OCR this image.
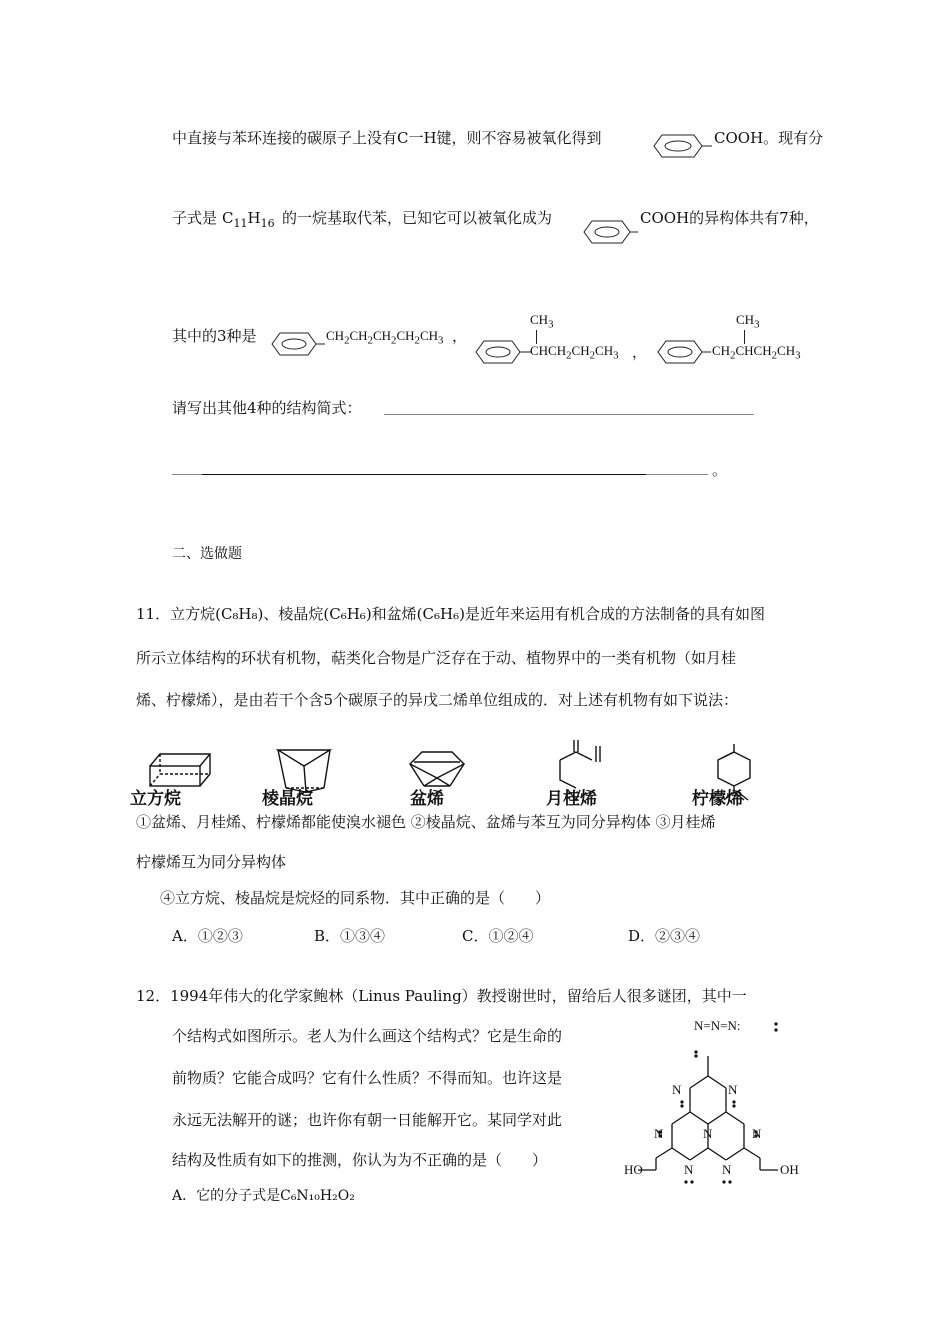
中直接与苯环连接的碳原子上没有C一H键，则不容易被氧化得到	COOH。现有分
子式是 $C_{11}H_{16}$ 的一烷基取代苯，已知它可以被氧化成为	COOH的异构体共有7种，
其中的3种是	$CH_2CH_2CH_2CH_2CH_3$ ，
$CH_3$
$CHCH_2CH_2CH_3$ ，
$CH_3$
$CH_2CHCH_2CH_3$
请写出其他4种的结构简式：
。
二、选做题
11．立方烷(C₈H₈)、棱晶烷(C₆H₆)和盆烯(C₆H₆)是近年来运用有机合成的方法制备的具有如图
所示立体结构的环状有机物，萜类化合物是广泛存在于动、植物界中的一类有机物（如月桂
烯、柠檬烯），是由若干个含5个碳原子的异戊二烯单位组成的．对上述有机物有如下说法：
立方烷	棱晶烷	盆烯	月桂烯	柠檬烯
①盆烯、月桂烯、柠檬烯都能使溴水褪色 ②棱晶烷、盆烯与苯互为同分异构体 ③月桂烯
柠檬烯互为同分异构体
④立方烷、棱晶烷是烷烃的同系物．其中正确的是（　　）
A．①②③	B．①③④	C．①②④	D．②③④
12．1994年伟大的化学家鲍林（Linus Pauling）教授谢世时，留给后人很多谜团，其中一
个结构式如图所示。老人为什么画这个结构式？它是生命的
前物质？它能合成吗？它有什么性质？不得而知。也许这是
永远无法解开的谜；也许你有朝一日能解开它。某同学对此
结构及性质有如下的推测，你认为为不正确的是（　　）
A．它的分子式是C₆N₁₀H₂O₂
N=N=N:
N	N
N	N	N
N N
HO	OH
